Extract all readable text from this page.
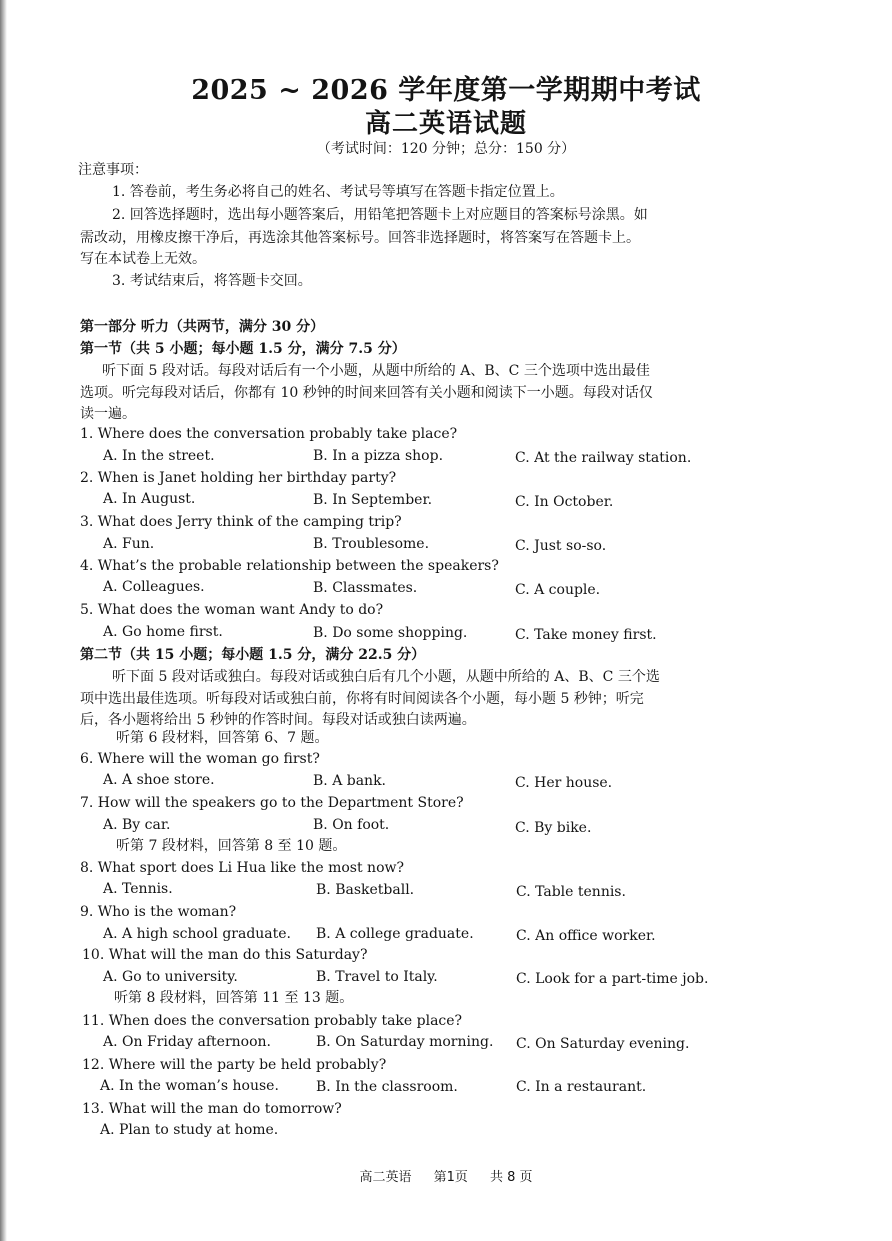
2025 ~ 2026 学年度第一学期期中考试
高二英语试题
（考试时间：120 分钟；总分：150 分）
注意事项：
1. 答卷前，考生务必将自己的姓名、考试号等填写在答题卡指定位置上。
2. 回答选择题时，选出每小题答案后，用铅笔把答题卡上对应题目的答案标号涂黑。如
需改动，用橡皮擦干净后，再选涂其他答案标号。回答非选择题时，将答案写在答题卡上。
写在本试卷上无效。
3. 考试结束后，将答题卡交回。
第一部分 听力（共两节，满分 30 分）
第一节（共 5 小题；每小题 1.5 分，满分 7.5 分）
听下面 5 段对话。每段对话后有一个小题，从题中所给的 A、B、C 三个选项中选出最佳
选项。听完每段对话后，你都有 10 秒钟的时间来回答有关小题和阅读下一小题。每段对话仅
读一遍。
1. Where does the conversation probably take place?
A. In the street.	B. In a pizza shop.	C. At the railway station.
2. When is Janet holding her birthday party?
A. In August.	B. In September.	C. In October.
3. What does Jerry think of the camping trip?
A. Fun.	B. Troublesome.	C. Just so-so.
4. What’s the probable relationship between the speakers?
A. Colleagues.	B. Classmates.	C. A couple.
5. What does the woman want Andy to do?
A. Go home first.	B. Do some shopping.	C. Take money first.
第二节（共 15 小题；每小题 1.5 分，满分 22.5 分）
听下面 5 段对话或独白。每段对话或独白后有几个小题，从题中所给的 A、B、C 三个选
项中选出最佳选项。听每段对话或独白前，你将有时间阅读各个小题，每小题 5 秒钟；听完
后，各小题将给出 5 秒钟的作答时间。每段对话或独白读两遍。
听第 6 段材料，回答第 6、7 题。
6. Where will the woman go first?
A. A shoe store.	B. A bank.	C. Her house.
7. How will the speakers go to the Department Store?
A. By car.	B. On foot.	C. By bike.
听第 7 段材料，回答第 8 至 10 题。
8. What sport does Li Hua like the most now?
A. Tennis.	B. Basketball.	C. Table tennis.
9. Who is the woman?
A. A high school graduate. B. A college graduate.	C. An office worker.
10. What will the man do this Saturday?
A. Go to university.	B. Travel to Italy.	C. Look for a part-time job.
听第 8 段材料，回答第 11 至 13 题。
11. When does the conversation probably take place?
A. On Friday afternoon.	B. On Saturday morning. C. On Saturday evening.
12. Where will the party be held probably?
A. In the woman’s house.	B. In the classroom.	C. In a restaurant.
13. What will the man do tomorrow?
A. Plan to study at home.
高二英语 第1页 共 8 页
